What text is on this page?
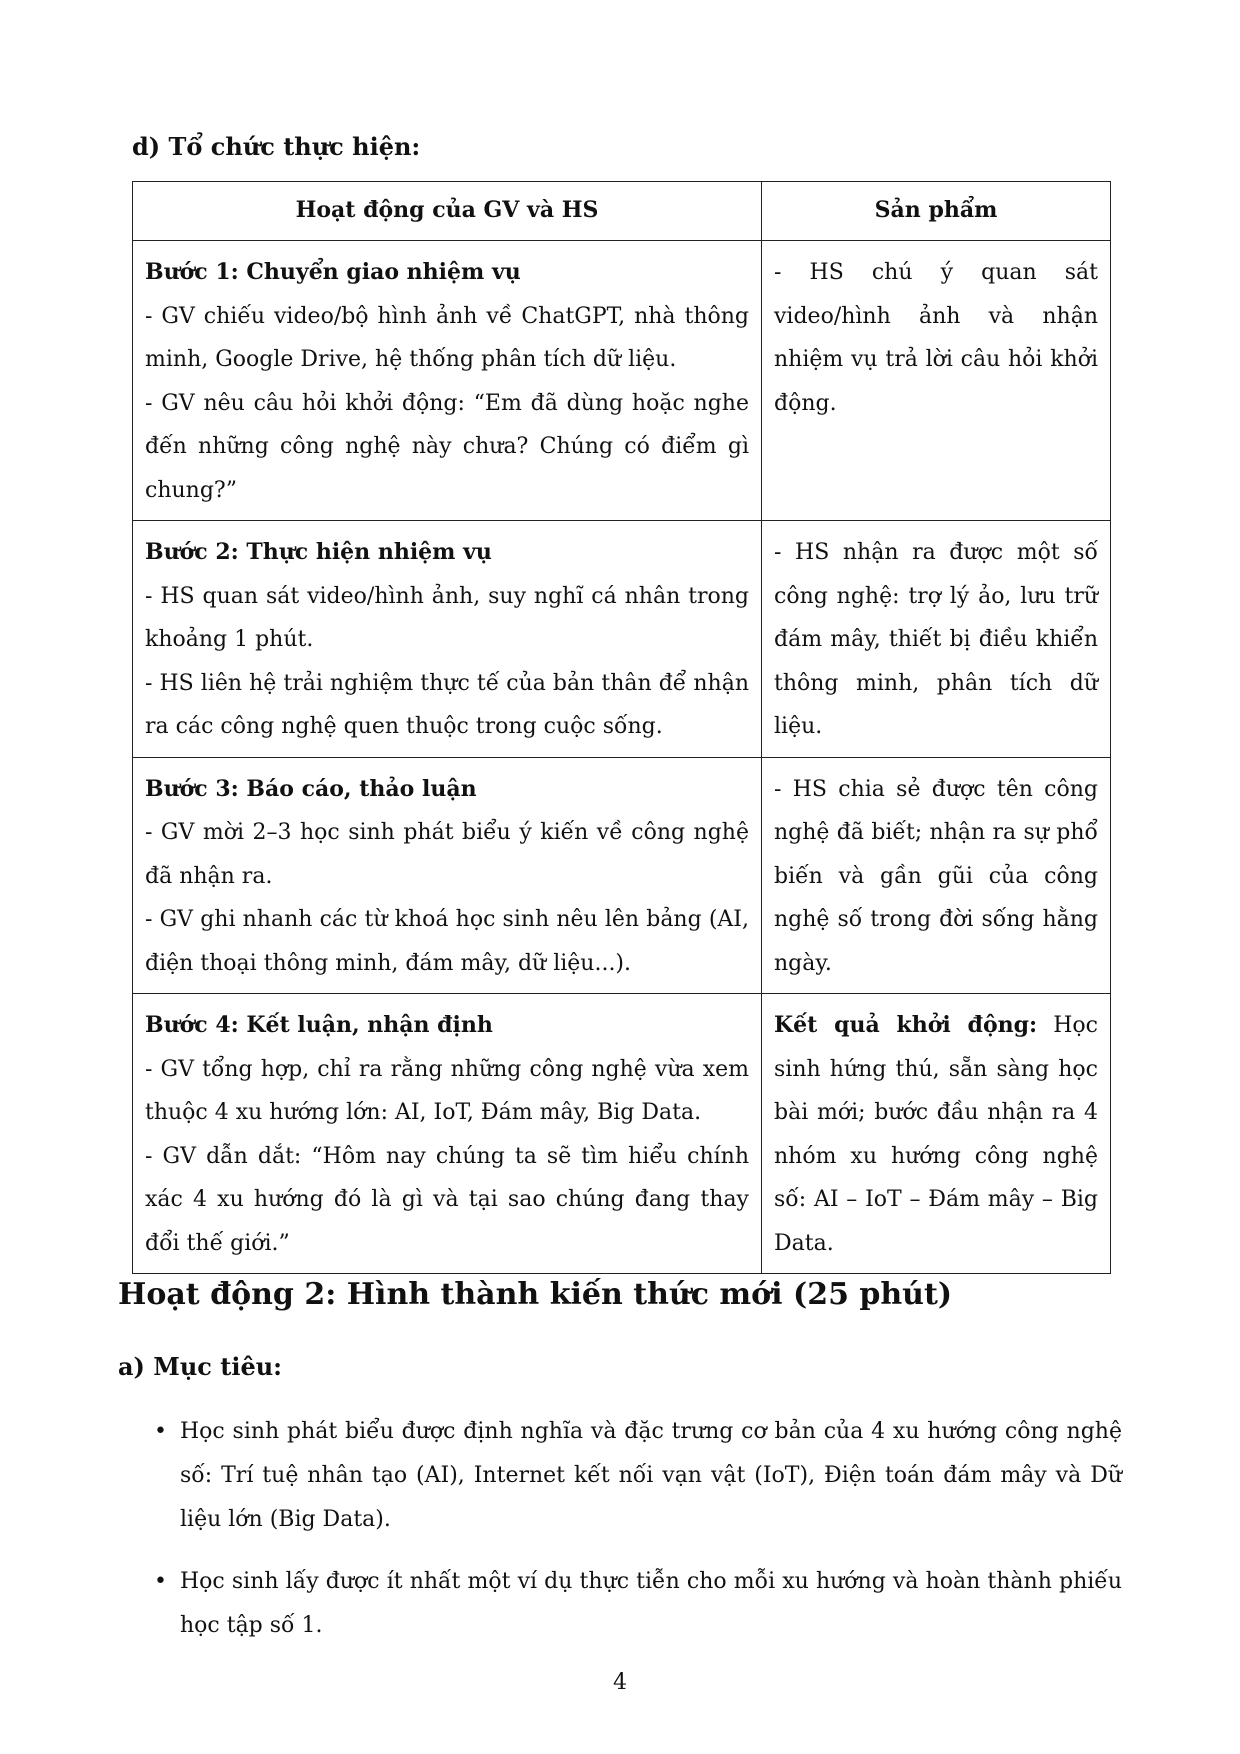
d) Tổ chức thực hiện:

Hoạt động của GV và HS	Sản phẩm

Bước 1: Chuyển giao nhiệm vụ
- GV chiếu video/bộ hình ảnh về ChatGPT, nhà thông minh, Google Drive, hệ thống phân tích dữ liệu.
- GV nêu câu hỏi khởi động: “Em đã dùng hoặc nghe đến những công nghệ này chưa? Chúng có điểm gì chung?”	- HS chú ý quan sát video/hình ảnh và nhận nhiệm vụ trả lời câu hỏi khởi động.

Bước 2: Thực hiện nhiệm vụ
- HS quan sát video/hình ảnh, suy nghĩ cá nhân trong khoảng 1 phút.
- HS liên hệ trải nghiệm thực tế của bản thân để nhận ra các công nghệ quen thuộc trong cuộc sống.	- HS nhận ra được một số công nghệ: trợ lý ảo, lưu trữ đám mây, thiết bị điều khiển thông minh, phân tích dữ liệu.

Bước 3: Báo cáo, thảo luận
- GV mời 2–3 học sinh phát biểu ý kiến về công nghệ đã nhận ra.
- GV ghi nhanh các từ khoá học sinh nêu lên bảng (AI, điện thoại thông minh, đám mây, dữ liệu...).	- HS chia sẻ được tên công nghệ đã biết; nhận ra sự phổ biến và gần gũi của công nghệ số trong đời sống hằng ngày.

Bước 4: Kết luận, nhận định
- GV tổng hợp, chỉ ra rằng những công nghệ vừa xem thuộc 4 xu hướng lớn: AI, IoT, Đám mây, Big Data.
- GV dẫn dắt: “Hôm nay chúng ta sẽ tìm hiểu chính xác 4 xu hướng đó là gì và tại sao chúng đang thay đổi thế giới.”	Kết quả khởi động: Học sinh hứng thú, sẵn sàng học bài mới; bước đầu nhận ra 4 nhóm xu hướng công nghệ số: AI – IoT – Đám mây – Big Data.
Hoạt động 2: Hình thành kiến thức mới (25 phút)

a) Mục tiêu:

• Học sinh phát biểu được định nghĩa và đặc trưng cơ bản của 4 xu hướng công nghệ số: Trí tuệ nhân tạo (AI), Internet kết nối vạn vật (IoT), Điện toán đám mây và Dữ liệu lớn (Big Data).
• Học sinh lấy được ít nhất một ví dụ thực tiễn cho mỗi xu hướng và hoàn thành phiếu học tập số 1.
4
